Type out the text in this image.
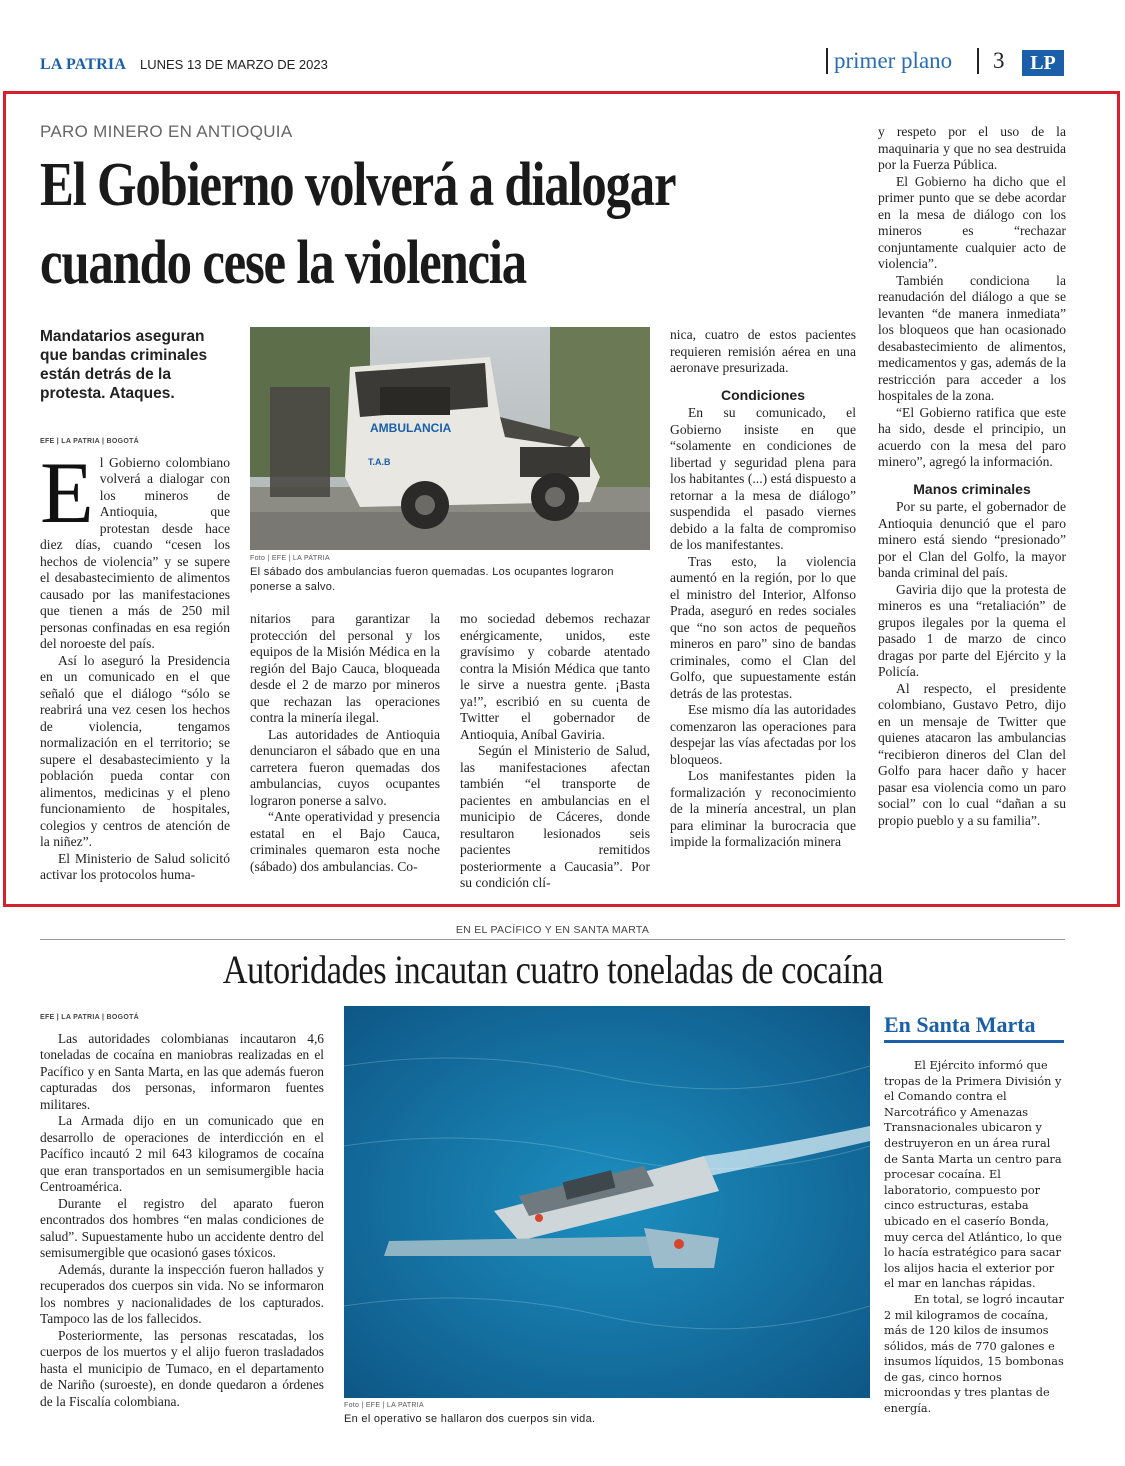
LA PATRIA LUNES 13 DE MARZO DE 2023	primer plano 3	LP
PARO MINERO EN ANTIOQUIA
El Gobierno volverá a dialogar
cuando cese la violencia
Mandatarios aseguran que bandas criminales están detrás de la protesta. Ataques.
EFE | LA PATRIA | BOGOTÁ

El Gobierno colombiano volverá a dialogar con los mineros de Antioquia, que protestan desde hace diez días, cuando “cesen los hechos de violencia” y se supere el desabastecimiento de alimentos causado por las manifestaciones que tienen a más de 250 mil personas confinadas en esa región del noroeste del país.

Así lo aseguró la Presidencia en un comunicado en el que señaló que el diálogo “sólo se reabrirá una vez cesen los hechos de violencia, tengamos normalización en el territorio; se supere el desabastecimiento y la población pueda contar con alimentos, medicinas y el pleno funcionamiento de hospitales, colegios y centros de atención de la niñez”.

El Ministerio de Salud solicitó activar los protocolos huma-

AMBULANCIA
T.A.B
Foto | EFE | LA PATRIA
El sábado dos ambulancias fueron quemadas. Los ocupantes lograron ponerse a salvo.

nitarios para garantizar la protección del personal y los equipos de la Misión Médica en la región del Bajo Cauca, bloqueada desde el 2 de marzo por mineros que rechazan las operaciones contra la minería ilegal.

Las autoridades de Antioquia denunciaron el sábado que en una carretera fueron quemadas dos ambulancias, cuyos ocupantes lograron ponerse a salvo.

“Ante operatividad y presencia estatal en el Bajo Cauca, criminales quemaron esta noche (sábado) dos ambulancias. Co-

mo sociedad debemos rechazar enérgicamente, unidos, este gravísimo y cobarde atentado contra la Misión Médica que tanto le sirve a nuestra gente. ¡Basta ya!”, escribió en su cuenta de Twitter el gobernador de Antioquia, Aníbal Gaviria.

Según el Ministerio de Salud, las manifestaciones afectan también “el transporte de pacientes en ambulancias en el municipio de Cáceres, donde resultaron lesionados seis pacientes remitidos posteriormente a Caucasia”. Por su condición clí-

nica, cuatro de estos pacientes requieren remisión aérea en una aeronave presurizada.

Condiciones

En su comunicado, el Gobierno insiste en que “solamente en condiciones de libertad y seguridad plena para los habitantes (...) está dispuesto a retornar a la mesa de diálogo” suspendida el pasado viernes debido a la falta de compromiso de los manifestantes.

Tras esto, la violencia aumentó en la región, por lo que el ministro del Interior, Alfonso Prada, aseguró en redes sociales que “no son actos de pequeños mineros en paro” sino de bandas criminales, como el Clan del Golfo, que supuestamente están detrás de las protestas.

Ese mismo día las autoridades comenzaron las operaciones para despejar las vías afectadas por los bloqueos.

Los manifestantes piden la formalización y reconocimiento de la minería ancestral, un plan para eliminar la burocracia que impide la formalización minera

y respeto por el uso de la maquinaria y que no sea destruida por la Fuerza Pública.

El Gobierno ha dicho que el primer punto que se debe acordar en la mesa de diálogo con los mineros es “rechazar conjuntamente cualquier acto de violencia”.

También condiciona la reanudación del diálogo a que se levanten “de manera inmediata” los bloqueos que han ocasionado desabastecimiento de alimentos, medicamentos y gas, además de la restricción para acceder a los hospitales de la zona.

“El Gobierno ratifica que este ha sido, desde el principio, un acuerdo con la mesa del paro minero”, agregó la información.

Manos criminales

Por su parte, el gobernador de Antioquia denunció que el paro minero está siendo “presionado” por el Clan del Golfo, la mayor banda criminal del país.

Gaviria dijo que la protesta de mineros es una “retaliación” de grupos ilegales por la quema el pasado 1 de marzo de cinco dragas por parte del Ejército y la Policía.

Al respecto, el presidente colombiano, Gustavo Petro, dijo en un mensaje de Twitter que quienes atacaron las ambulancias “recibieron dineros del Clan del Golfo para hacer daño y hacer pasar esa violencia como un paro social” con lo cual “dañan a su propio pueblo y a su familia”.

EN EL PACÍFICO Y EN SANTA MARTA
Autoridades incautan cuatro toneladas de cocaína
EFE | LA PATRIA | BOGOTÁ

Las autoridades colombianas incautaron 4,6 toneladas de cocaína en maniobras realizadas en el Pacífico y en Santa Marta, en las que además fueron capturadas dos personas, informaron fuentes militares.

La Armada dijo en un comunicado que en desarrollo de operaciones de interdicción en el Pacífico incautó 2 mil 643 kilogramos de cocaína que eran transportados en un semisumergible hacia Centroamérica.

Durante el registro del aparato fueron encontrados dos hombres “en malas condiciones de salud”. Supuestamente hubo un accidente dentro del semisumergible que ocasionó gases tóxicos.

Además, durante la inspección fueron hallados y recuperados dos cuerpos sin vida. No se informaron los nombres y nacionalidades de los capturados. Tampoco las de los fallecidos.

Posteriormente, las personas rescatadas, los cuerpos de los muertos y el alijo fueron trasladados hasta el municipio de Tumaco, en el departamento de Nariño (suroeste), en donde quedaron a órdenes de la Fiscalía colombiana.	Foto | EFE | LA PATRIA
En el operativo se hallaron dos cuerpos sin vida.
En Santa Marta

El Ejército informó que tropas de la Primera División y el Comando contra el Narcotráfico y Amenazas Transnacionales ubicaron y destruyeron en un área rural de Santa Marta un centro para procesar cocaína. El laboratorio, compuesto por cinco estructuras, estaba ubicado en el caserío Bonda, muy cerca del Atlántico, lo que lo hacía estratégico para sacar los alijos hacia el exterior por el mar en lanchas rápidas.

En total, se logró incautar 2 mil kilogramos de cocaína, más de 120 kilos de insumos sólidos, más de 770 galones e insumos líquidos, 15 bombonas de gas, cinco hornos microondas y tres plantas de energía.
